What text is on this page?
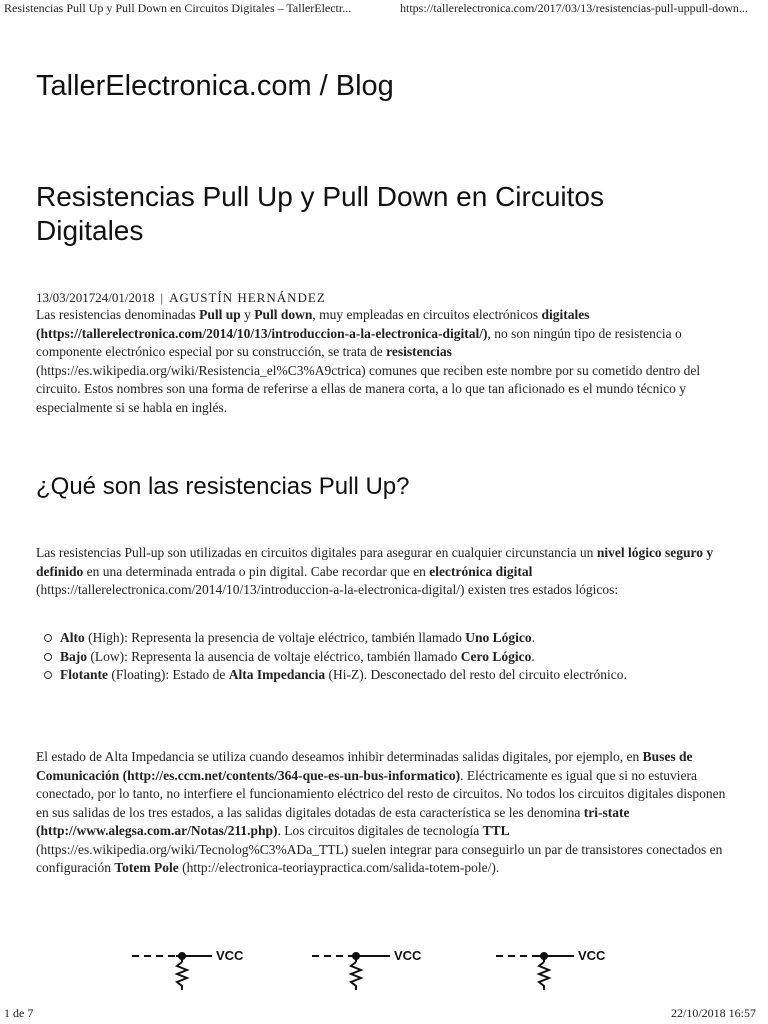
Resistencias Pull Up y Pull Down en Circuitos Digitales – TallerElectr...	https://tallerelectronica.com/2017/03/13/resistencias-pull-uppull-down...
TallerElectronica.com / Blog
Resistencias Pull Up y Pull Down en Circuitos Digitales
13/03/201724/01/2018 | AGUSTÍN HERNÁNDEZ
Las resistencias denominadas Pull up y Pull down, muy empleadas en circuitos electrónicos digitales (https://tallerelectronica.com/2014/10/13/introduccion-a-la-electronica-digital/), no son ningún tipo de resistencia o componente electrónico especial por su construcción, se trata de resistencias (https://es.wikipedia.org/wiki/Resistencia_el%C3%A9ctrica) comunes que reciben este nombre por su cometido dentro del circuito. Estos nombres son una forma de referirse a ellas de manera corta, a lo que tan aficionado es el mundo técnico y especialmente si se habla en inglés.
¿Qué son las resistencias Pull Up?
Las resistencias Pull-up son utilizadas en circuitos digitales para asegurar en cualquier circunstancia un nivel lógico seguro y definido en una determinada entrada o pin digital. Cabe recordar que en electrónica digital (https://tallerelectronica.com/2014/10/13/introduccion-a-la-electronica-digital/) existen tres estados lógicos:
Alto (High): Representa la presencia de voltaje eléctrico, también llamado Uno Lógico.
Bajo (Low): Representa la ausencia de voltaje eléctrico, también llamado Cero Lógico.
Flotante (Floating): Estado de Alta Impedancia (Hi-Z). Desconectado del resto del circuito electrónico.
El estado de Alta Impedancia se utiliza cuando deseamos inhibir determinadas salidas digitales, por ejemplo, en Buses de Comunicación (http://es.ccm.net/contents/364-que-es-un-bus-informatico). Eléctricamente es igual que si no estuviera conectado, por lo tanto, no interfiere el funcionamiento eléctrico del resto de circuitos. No todos los circuitos digitales disponen en sus salidas de los tres estados, a las salidas digitales dotadas de esta característica se les denomina tri-state (http://www.alegsa.com.ar/Notas/211.php). Los circuitos digitales de tecnología TTL (https://es.wikipedia.org/wiki/Tecnolog%C3%ADa_TTL) suelen integrar para conseguirlo un par de transistores conectados en configuración Totem Pole (http://electronica-teoriaypractica.com/salida-totem-pole/).
VCC	VCC	VCC
1 de 7	22/10/2018 16:57
